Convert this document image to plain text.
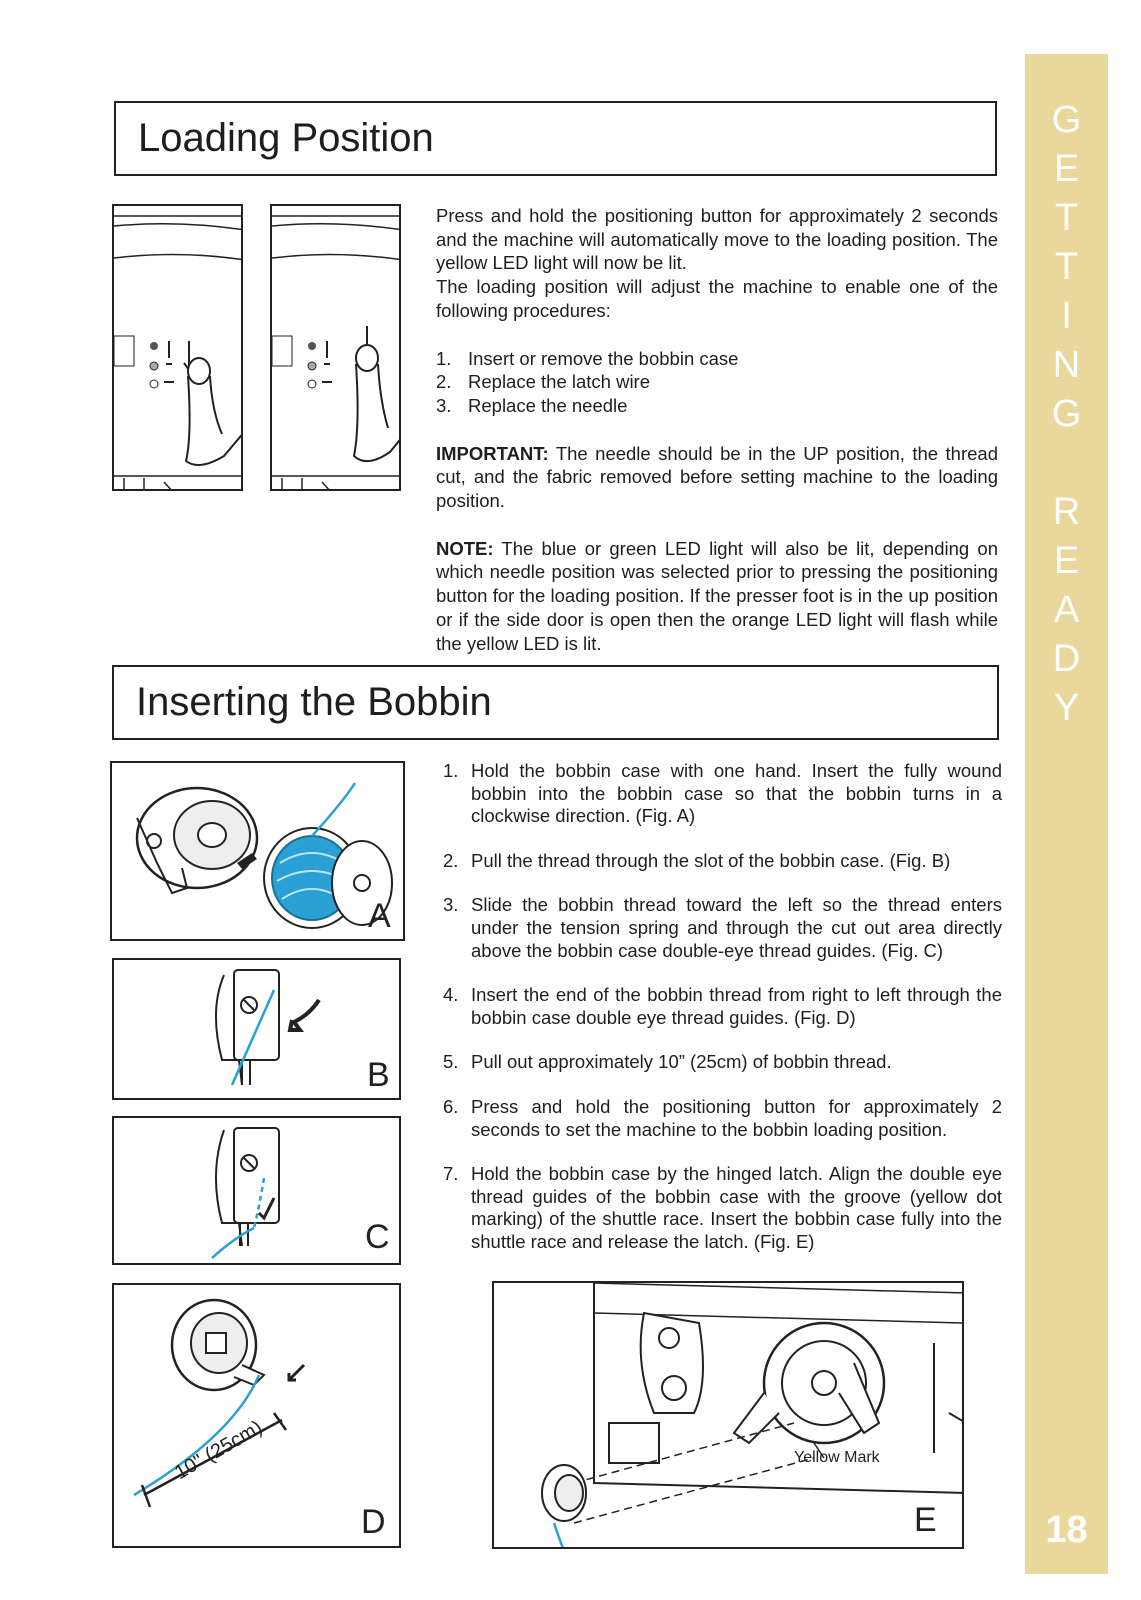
G
E
T
T
I
N
G
R
E
A
D
Y
18
Loading Position

Press and hold the positioning button for approximately 2 seconds and the machine will automatically move to the loading position. The yellow LED light will now be lit.

The loading position will adjust the machine to enable one of the following procedures:

1. Insert or remove the bobbin case
2. Replace the latch wire
3. Replace the needle

IMPORTANT: The needle should be in the UP position, the thread cut, and the fabric removed before setting machine to the loading position.

NOTE: The blue or green LED light will also be lit, depending on which needle position was selected prior to pressing the positioning button for the loading position. If the presser foot is in the up position or if the side door is open then the orange LED light will flash while the yellow LED is lit.

Inserting the Bobbin
A
B
C
10" (25cm)
D
Yellow Mark
E
1. Hold the bobbin case with one hand. Insert the fully wound bobbin into the bobbin case so that the bobbin turns in a clockwise direction. (Fig. A)
2. Pull the thread through the slot of the bobbin case. (Fig. B)
3. Slide the bobbin thread toward the left so the thread enters under the tension spring and through the cut out area directly above the bobbin case double-eye thread guides. (Fig. C)
4. Insert the end of the bobbin thread from right to left through the bobbin case double eye thread guides. (Fig. D)
5. Pull out approximately 10” (25cm) of bobbin thread.
6. Press and hold the positioning button for approximately 2 seconds to set the machine to the bobbin loading position.
7. Hold the bobbin case by the hinged latch. Align the double eye thread guides of the bobbin case with the groove (yellow dot marking) of the shuttle race. Insert the bobbin case fully into the shuttle race and release the latch. (Fig. E)
